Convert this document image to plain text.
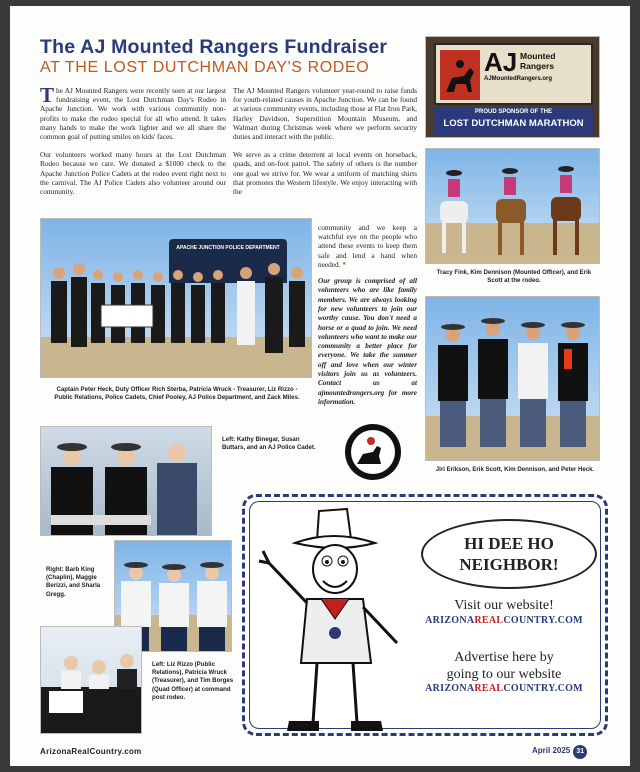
The AJ Mounted Rangers Fundraiser
AT THE LOST DUTCHMAN DAY'S RODEO

The AJ Mounted Rangers were recently seen at our largest fundraising event, the Lost Dutchman Day's Rodeo in Apache Junction. We work with various community non-profits to make the rodeo special for all who attend. It takes many hands to make the work lighter and we all share the common goal of putting smiles on kids' faces.

Our volunteers worked many hours at the Lost Dutchman Rodeo because we care. We donated a $1000 check to the Apache Junction Police Cadets at the rodeo event right next to the carnival. The AJ Police Cadets also volunteer around our community.

The AJ Mounted Rangers volunteer year-round to raise funds for youth-related causes in Apache Junction. We can be found at various community events, including those at Flat Iron Park, Harley Davidson, Superstition Mountain Museum, and Walmart during Christmas week where we perform security duties and interact with the public.

We serve as a crime deterrent at local events on horseback, quads, and on-foot patrol. The safety of others is the number one goal we strive for. We wear a uniform of matching shirts that promotes the Western lifestyle. We enjoy interacting with the

community and we keep a watchful eye on the people who attend these events to keep them safe and lend a hand when needed. *

Our group is comprised of all volunteers who are like family members. We are always looking for new volunteers to join our worthy cause. You don't need a horse or a quad to join. We need volunteers who want to make our community a better place for everyone. We take the summer off and love when our winter visitors join us as volunteers. Contact us at ajmountedrangers.org for more information.

AJ Mounted
Rangers
AJMountedRangers.org
PROUD SPONSOR OF THE
LOST DUTCHMAN MARATHON
Tracy Fink, Kim Dennison (Mounted Officer), and Erik Scott at the rodeo.
APACHE JUNCTION POLICE DEPARTMENT
Captain Peter Heck, Duty Officer Rich Sterba, Patricia Wruck - Treasurer, Liz Rizzo - Public Relations, Police Cadets, Chief Pooley, AJ Police Department, and Zack Miles.
Jiri Erikson, Erik Scott, Kim Dennison, and Peter Heck.
Left: Kathy Binegar, Susan Buttars, and an AJ Police Cadet.
Right: Barb King (Chaplin), Maggie Berizzi, and Sharla Gregg.
Left: Liz Rizzo (Public Relations), Patricia Wruck (Treasurer), and Tim Borges (Quad Officer) at command post rodeo.
HI DEE HO
NEIGHBOR!
Visit our website!
ARIZONAREALCOUNTRY.COM
Advertise here by
going to our website
ARIZONAREALCOUNTRY.COM
ArizonaRealCountry.com	April 2025 31
